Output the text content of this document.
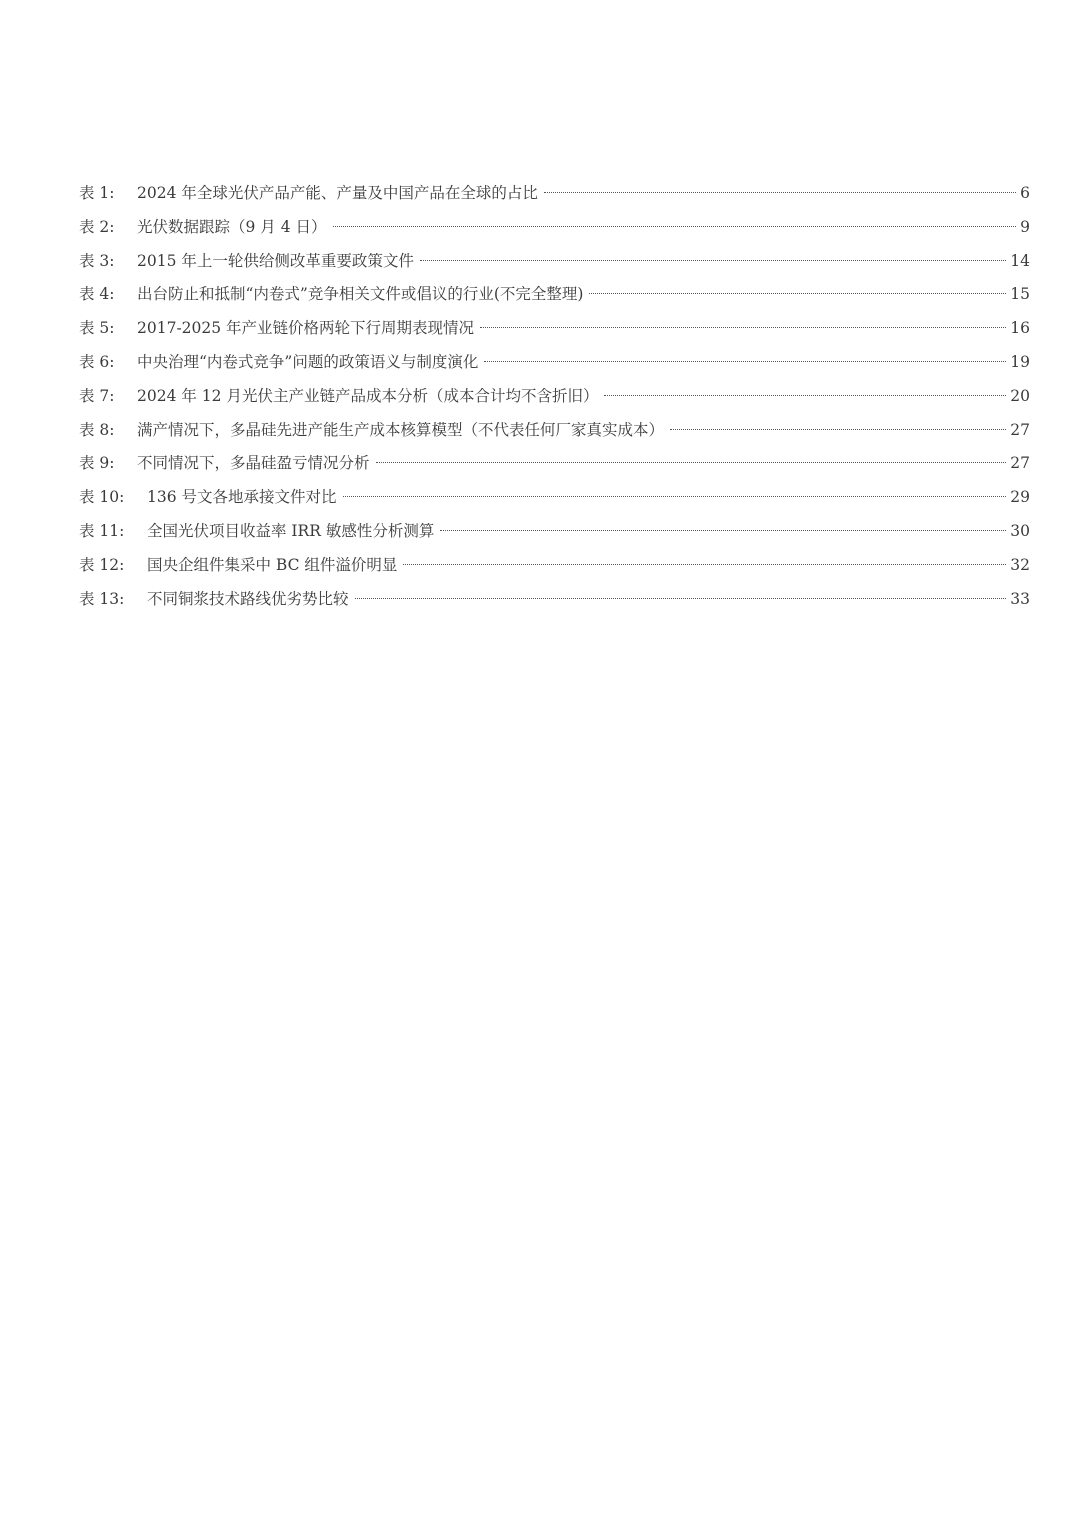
表 1:	2024 年全球光伏产品产能、产量及中国产品在全球的占比	6
表 2:	光伏数据跟踪（9 月 4 日）	9
表 3:	2015 年上一轮供给侧改革重要政策文件	14
表 4:	出台防止和抵制“内卷式”竞争相关文件或倡议的行业(不完全整理)	15
表 5:	2017-2025 年产业链价格两轮下行周期表现情况	16
表 6:	中央治理“内卷式竞争”问题的政策语义与制度演化	19
表 7:	2024 年 12 月光伏主产业链产品成本分析（成本合计均不含折旧）	20
表 8:	满产情况下，多晶硅先进产能生产成本核算模型（不代表任何厂家真实成本）	27
表 9:	不同情况下，多晶硅盈亏情况分析	27
表 10:	136 号文各地承接文件对比	29
表 11:	全国光伏项目收益率 IRR 敏感性分析测算	30
表 12:	国央企组件集采中 BC 组件溢价明显	32
表 13:	不同铜浆技术路线优劣势比较	33
